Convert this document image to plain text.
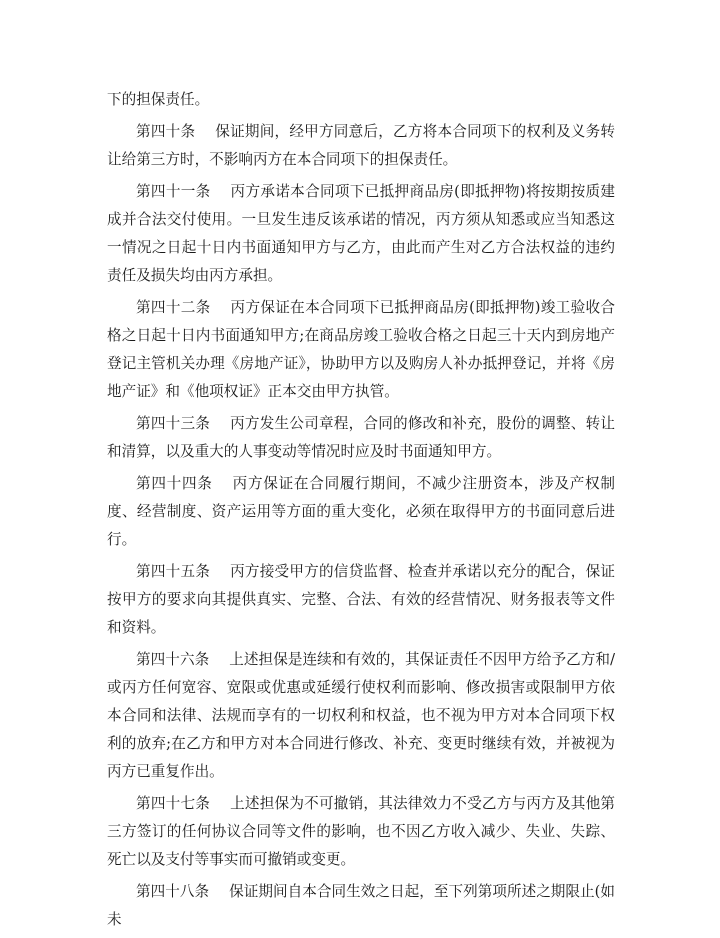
下的担保责任。

第四十条 保证期间，经甲方同意后，乙方将本合同项下的权利及义务转让给第三方时，不影响丙方在本合同项下的担保责任。

第四十一条 丙方承诺本合同项下已抵押商品房(即抵押物)将按期按质建成并合法交付使用。一旦发生违反该承诺的情况，丙方须从知悉或应当知悉这一情况之日起十日内书面通知甲方与乙方，由此而产生对乙方合法权益的违约责任及损失均由丙方承担。

第四十二条 丙方保证在本合同项下已抵押商品房(即抵押物)竣工验收合格之日起十日内书面通知甲方;在商品房竣工验收合格之日起三十天内到房地产登记主管机关办理《房地产证》，协助甲方以及购房人补办抵押登记，并将《房地产证》和《他项权证》正本交由甲方执管。

第四十三条 丙方发生公司章程，合同的修改和补充，股份的调整、转让和清算，以及重大的人事变动等情况时应及时书面通知甲方。

第四十四条 丙方保证在合同履行期间，不减少注册资本，涉及产权制度、经营制度、资产运用等方面的重大变化，必须在取得甲方的书面同意后进行。

第四十五条 丙方接受甲方的信贷监督、检查并承诺以充分的配合，保证按甲方的要求向其提供真实、完整、合法、有效的经营情况、财务报表等文件和资料。

第四十六条 上述担保是连续和有效的，其保证责任不因甲方给予乙方和/或丙方任何宽容、宽限或优惠或延缓行使权利而影响、修改损害或限制甲方依本合同和法律、法规而享有的一切权利和权益，也不视为甲方对本合同项下权利的放弃;在乙方和甲方对本合同进行修改、补充、变更时继续有效，并被视为丙方已重复作出。

第四十七条 上述担保为不可撤销，其法律效力不受乙方与丙方及其他第三方签订的任何协议合同等文件的影响，也不因乙方收入减少、失业、失踪、死亡以及支付等事实而可撤销或变更。

第四十八条 保证期间自本合同生效之日起，至下列第项所述之期限止(如未
